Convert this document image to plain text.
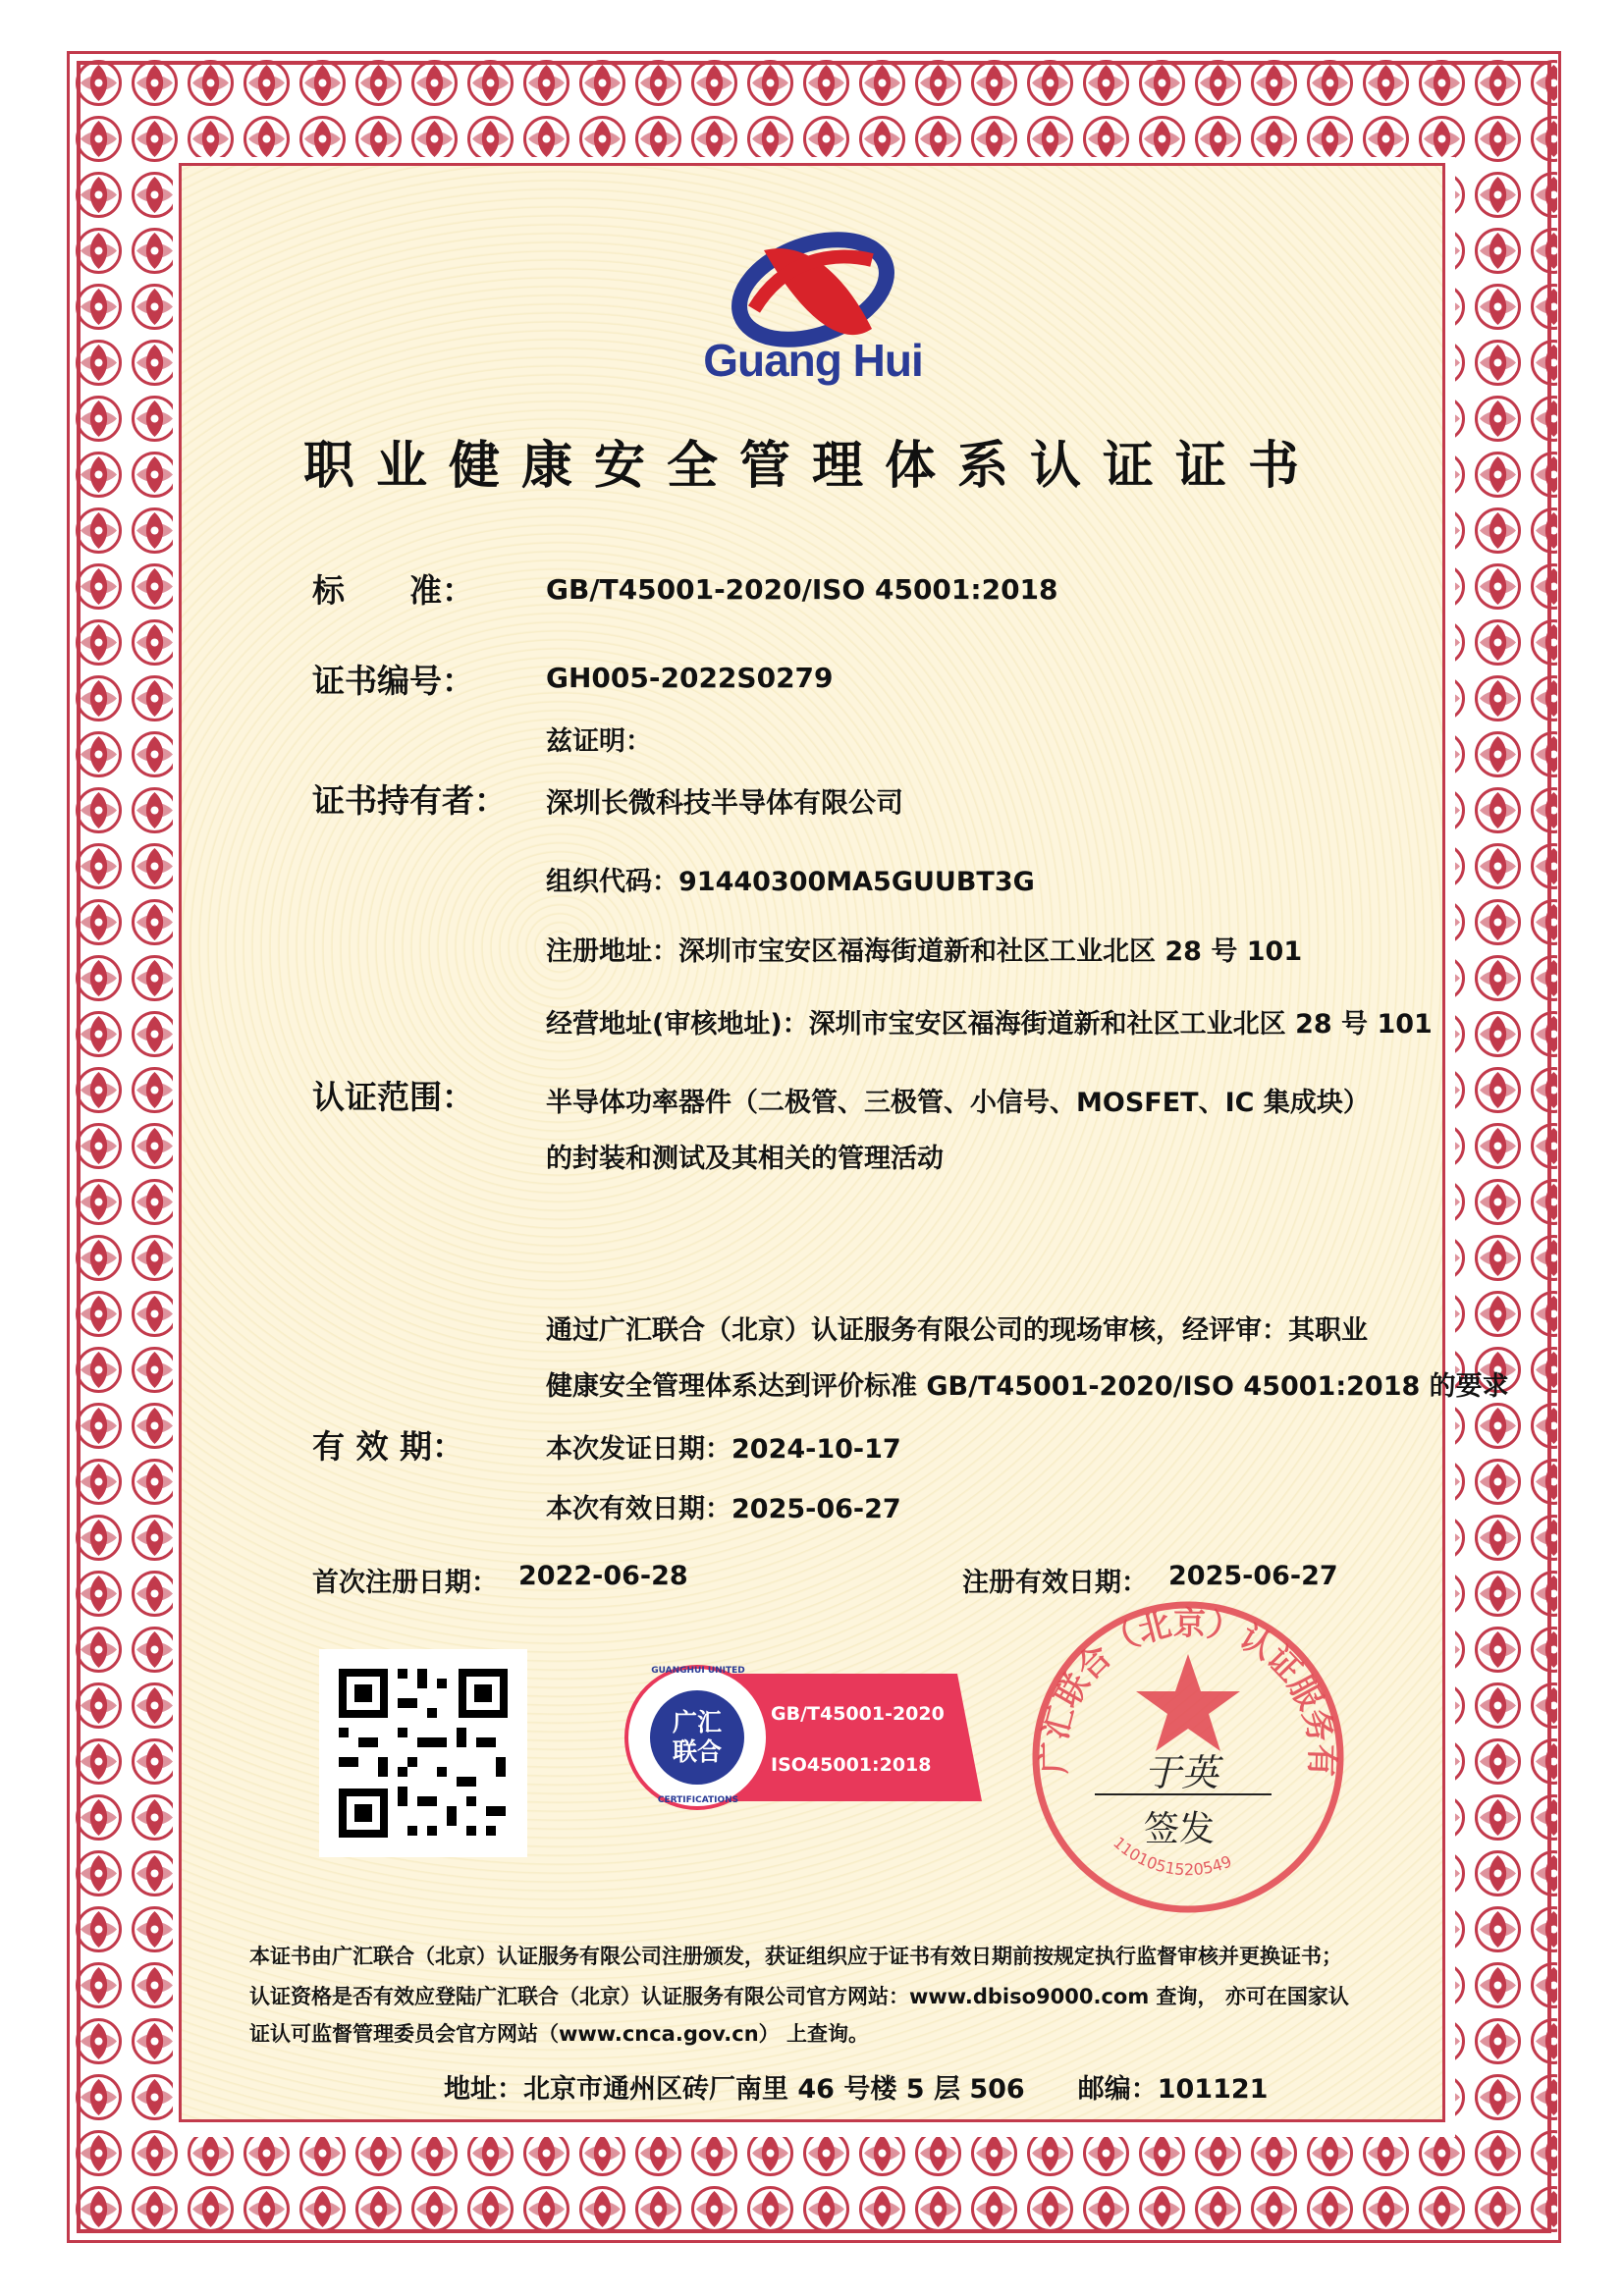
Guang Hui
职业健康安全管理体系认证证书
标　　准：	GB/T45001-2020/ISO 45001:2018
证书编号：	GH005-2022S0279
兹证明：
证书持有者： 深圳长微科技半导体有限公司
组织代码：91440300MA5GUUBT3G
注册地址：深圳市宝安区福海街道新和社区工业北区 28 号 101
经营地址(审核地址)：深圳市宝安区福海街道新和社区工业北区 28 号 101
认证范围：	半导体功率器件（二极管、三极管、小信号、MOSFET、IC 集成块）
的封装和测试及其相关的管理活动
通过广汇联合（北京）认证服务有限公司的现场审核，经评审：其职业
健康安全管理体系达到评价标准 GB/T45001-2020/ISO 45001:2018 的要求
有 效 期：	本次发证日期：2024-10-17
本次有效日期：2025-06-27
首次注册日期： 2022-06-28	注册有效日期： 2025-06-27
广汇联合
GUANGHUI UNITED
CERTIFICATIONS
GB/T45001-2020
ISO45001:2018	广汇联合（北京）认证服务有
1101051520549
于英
签发
本证书由广汇联合（北京）认证服务有限公司注册颁发，获证组织应于证书有效日期前按规定执行监督审核并更换证书；
认证资格是否有效应登陆广汇联合（北京）认证服务有限公司官方网站：www.dbiso9000.com 查询， 亦可在国家认
证认可监督管理委员会官方网站（www.cnca.gov.cn） 上查询。
地址：北京市通州区砖厂南里 46 号楼 5 层 506　　邮编：101121
